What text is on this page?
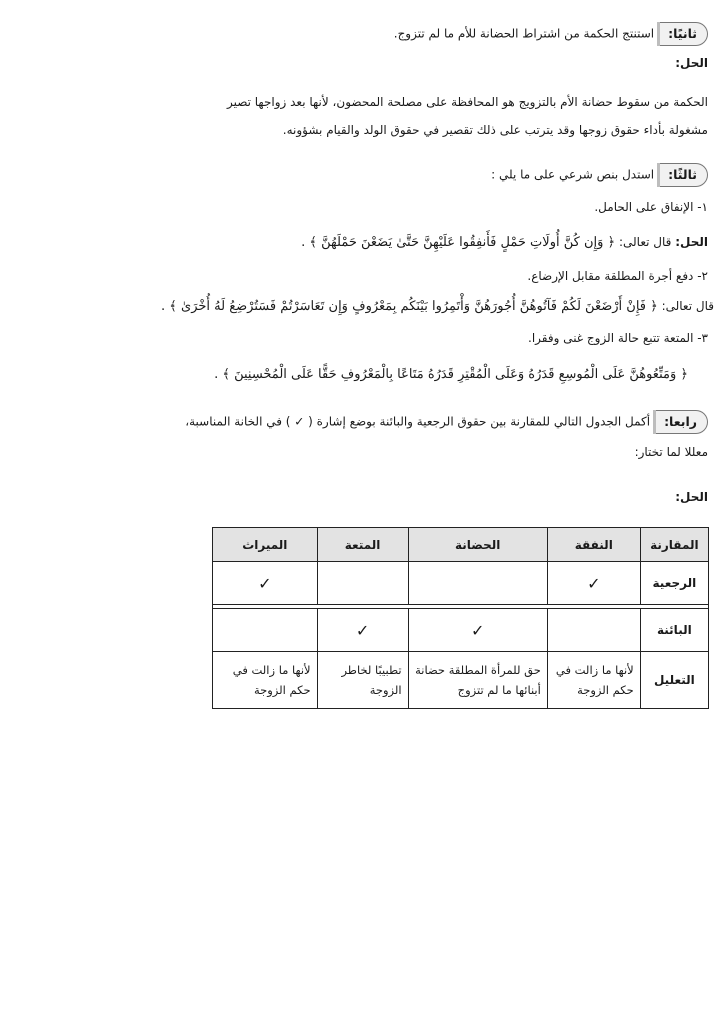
ثانيًا:استنتج الحكمة من اشتراط الحضانة للأم ما لم تتزوج.
الحل:
الحكمة من سقوط حضانة الأم بالتزويج هو المحافظة على مصلحة المحضون، لأنها بعد زواجها تصير
مشغولة بأداء حقوق زوجها وقد يترتب على ذلك تقصير في حقوق الولد والقيام بشؤونه.
ثالثًا:استدل بنص شرعي على ما يلي :
١- الإنفاق على الحامل.
الحل: قال تعالى: ﴿ وَإِن كُنَّ أُولَاتِ حَمْلٍ فَأَنفِقُوا عَلَيْهِنَّ حَتَّىٰ يَضَعْنَ حَمْلَهُنَّ ﴾ .
٢- دفع أجرة المطلقة مقابل الإرضاع.
قال تعالى: ﴿ فَإِنْ أَرْضَعْنَ لَكُمْ فَآتُوهُنَّ أُجُورَهُنَّ وَأْتَمِرُوا بَيْنَكُم بِمَعْرُوفٍ وَإِن تَعَاسَرْتُمْ فَسَتُرْضِعُ لَهُ أُخْرَىٰ ﴾ .
٣- المتعة تتبع حالة الزوج غنى وفقرا.
﴿ وَمَتِّعُوهُنَّ عَلَى الْمُوسِعِ قَدَرُهُ وَعَلَى الْمُقْتِرِ قَدَرُهُ مَتَاعًا بِالْمَعْرُوفِ حَقًّا عَلَى الْمُحْسِنِينَ ﴾ .
رابعا:أكمل الجدول التالي للمقارنة بين حقوق الرجعية والبائنة بوضع إشارة ( ✓ ) في الخانة المناسبة،
معللا لما تختار:
الحل:
المقارنة	النفقة	الحضانة	المتعة	الميراث
الرجعية	✓			✓

البائنة		✓	✓	
التعليل	لأنها ما زالت في حكم الزوجة	حق للمرأة المطلقة حضانة أبنائها ما لم تتزوج	تطبيبًا لخاطر الزوجة	لأنها ما زالت في حكم الزوجة
